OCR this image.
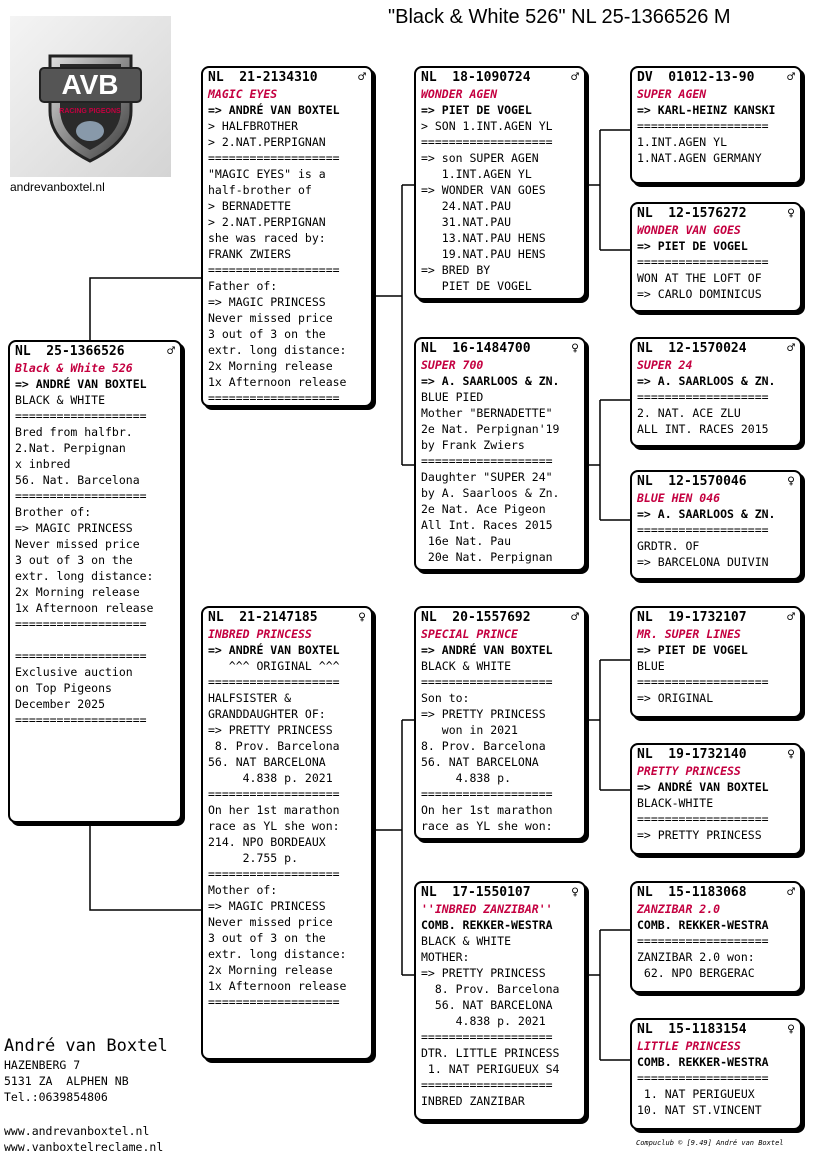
"Black & White 526" NL 25-1366526 M
AVB
RACING PIGEONS
andrevanboxtel.nl
NL  25-1366526	♂
Black & White 526
=> ANDRÉ VAN BOXTEL
BLACK & WHITE
===================
Bred from halfbr.
2.Nat. Perpignan
x inbred
56. Nat. Barcelona
===================
Brother of:
=> MAGIC PRINCESS
Never missed price
3 out of 3 on the
extr. long distance:
2x Morning release
1x Afternoon release
===================
===================
Exclusive auction
on Top Pigeons
December 2025
===================
NL  21-2134310	♂
MAGIC EYES
=> ANDRÉ VAN BOXTEL
> HALFBROTHER
> 2.NAT.PERPIGNAN
===================
"MAGIC EYES" is a
half-brother of
> BERNADETTE
> 2.NAT.PERPIGNAN
she was raced by:
FRANK ZWIERS
===================
Father of:
=> MAGIC PRINCESS
Never missed price
3 out of 3 on the
extr. long distance:
2x Morning release
1x Afternoon release
===================
NL  21-2147185	♀
INBRED PRINCESS
=> ANDRÉ VAN BOXTEL
^^^ ORIGINAL ^^^
===================
HALFSISTER &
GRANDDAUGHTER OF:
=> PRETTY PRINCESS
8. Prov. Barcelona
56. NAT BARCELONA
4.838 p. 2021
===================
On her 1st marathon
race as YL she won:
214. NPO BORDEAUX
2.755 p.
===================
Mother of:
=> MAGIC PRINCESS
Never missed price
3 out of 3 on the
extr. long distance:
2x Morning release
1x Afternoon release
===================
NL  18-1090724	♂
WONDER AGEN
=> PIET DE VOGEL
> SON 1.INT.AGEN YL
===================
=> son SUPER AGEN
1.INT.AGEN YL
=> WONDER VAN GOES
24.NAT.PAU
31.NAT.PAU
13.NAT.PAU HENS
19.NAT.PAU HENS
=> BRED BY
PIET DE VOGEL
NL  16-1484700	♀
SUPER 700
=> A. SAARLOOS & ZN.
BLUE PIED
Mother "BERNADETTE"
2e Nat. Perpignan'19
by Frank Zwiers
===================
Daughter "SUPER 24"
by A. Saarloos & Zn.
2e Nat. Ace Pigeon
All Int. Races 2015
16e Nat. Pau
20e Nat. Perpignan
NL  20-1557692	♂
SPECIAL PRINCE
=> ANDRÉ VAN BOXTEL
BLACK & WHITE
===================
Son to:
=> PRETTY PRINCESS
won in 2021
8. Prov. Barcelona
56. NAT BARCELONA
4.838 p.
===================
On her 1st marathon
race as YL she won:
NL  17-1550107	♀
''INBRED ZANZIBAR''
COMB. REKKER-WESTRA
BLACK & WHITE
MOTHER:
=> PRETTY PRINCESS
8. Prov. Barcelona
56. NAT BARCELONA
4.838 p. 2021
===================
DTR. LITTLE PRINCESS
1. NAT PERIGUEUX S4
===================
INBRED ZANZIBAR
DV  01012-13-90	♂
SUPER AGEN
=> KARL-HEINZ KANSKI
===================
1.INT.AGEN YL
1.NAT.AGEN GERMANY
NL  12-1576272	♀
WONDER VAN GOES
=> PIET DE VOGEL
===================
WON AT THE LOFT OF
=> CARLO DOMINICUS
NL  12-1570024	♂
SUPER 24
=> A. SAARLOOS & ZN.
===================
2. NAT. ACE ZLU
ALL INT. RACES 2015
NL  12-1570046	♀
BLUE HEN 046
=> A. SAARLOOS & ZN.
===================
GRDTR. OF
=> BARCELONA DUIVIN
NL  19-1732107	♂
MR. SUPER LINES
=> PIET DE VOGEL
BLUE
===================
=> ORIGINAL
NL  19-1732140	♀
PRETTY PRINCESS
=> ANDRÉ VAN BOXTEL
BLACK-WHITE
===================
=> PRETTY PRINCESS
NL  15-1183068	♂
ZANZIBAR 2.0
COMB. REKKER-WESTRA
===================
ZANZIBAR 2.0 won:
62. NPO BERGERAC
NL  15-1183154	♀
LITTLE PRINCESS
COMB. REKKER-WESTRA
===================
1. NAT PERIGUEUX
10. NAT ST.VINCENT
André van Boxtel
HAZENBERG 7
5131 ZA  ALPHEN NB
Tel.:0639854806
www.andrevanboxtel.nl
www.vanboxtelreclame.nl	Compuclub © [9.49] André van Boxtel
